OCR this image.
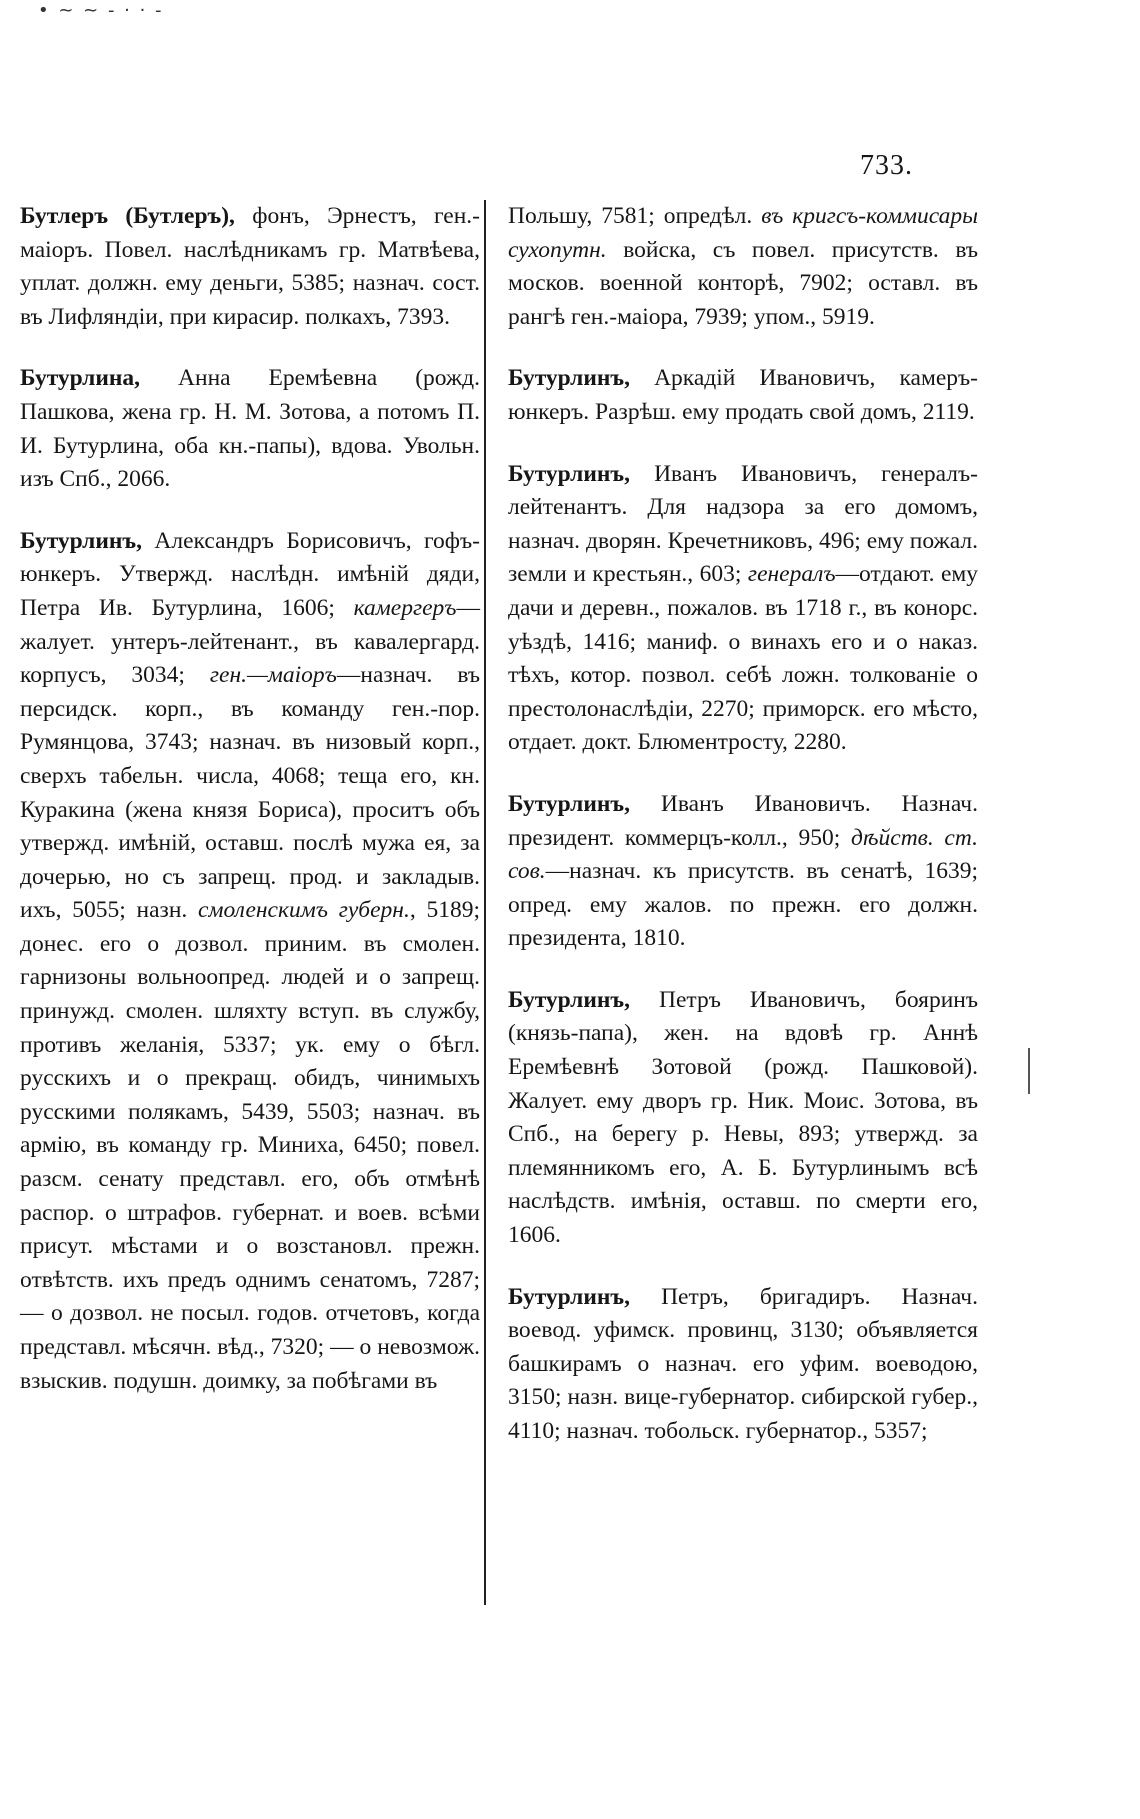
• ~ ~ - · · -
733.

Бутлеръ (Бутлеръ), фонъ, Эрнестъ, ген.-маіоръ. Повел. наслѣдникамъ гр. Матвѣева, уплат. должн. ему деньги, 5385; назнач. сост. въ Лифляндіи, при кирасир. полкахъ, 7393.

Бутурлина, Анна Еремѣевна (рожд. Пашкова, жена гр. Н. М. Зотова, а потомъ П. И. Бутурлина, оба кн.-папы), вдова. Увольн. изъ Спб., 2066.

Бутурлинъ, Александръ Борисовичъ, гофъ-юнкеръ. Утвержд. наслѣдн. имѣній дяди, Петра Ив. Бутурлина, 1606; камергеръ—жалует. унтеръ-лейтенант., въ кавалергард. корпусъ, 3034; ген.—маіоръ—назнач. въ персидск. корп., въ команду ген.-пор. Румянцова, 3743; назнач. въ низовый корп., сверхъ табельн. числа, 4068; теща его, кн. Куракина (жена князя Бориса), проситъ объ утвержд. имѣній, оставш. послѣ мужа ея, за дочерью, но съ запрещ. прод. и закладыв. ихъ, 5055; назн. смоленскимъ губерн., 5189; донес. его о дозвол. приним. въ смолен. гарнизоны вольноопред. людей и о запрещ. принужд. смолен. шляхту вступ. въ службу, противъ желанія, 5337; ук. ему о бѣгл. русскихъ и о прекращ. обидъ, чинимыхъ русскими полякамъ, 5439, 5503; назнач. въ армію, въ команду гр. Миниха, 6450; повел. разсм. сенату представл. его, объ отмѣнѣ распор. о штрафов. губернат. и воев. всѣми присут. мѣстами и о возстановл. прежн. отвѣтств. ихъ предъ однимъ сенатомъ, 7287; — о дозвол. не посыл. годов. отчетовъ, когда представл. мѣсячн. вѣд., 7320; — о невозмож. взыскив. подушн. доимку, за побѣгами въ

Польшу, 7581; опредѣл. въ кригсъ-коммисары сухопутн. войска, съ повел. присутств. въ москов. военной конторѣ, 7902; оставл. въ рангѣ ген.-маіора, 7939; упом., 5919.

Бутурлинъ, Аркадій Ивановичъ, камеръ-юнкеръ. Разрѣш. ему продать свой домъ, 2119.

Бутурлинъ, Иванъ Ивановичъ, генералъ-лейтенантъ. Для надзора за его домомъ, назнач. дворян. Кречетниковъ, 496; ему пожал. земли и крестьян., 603; генералъ—отдают. ему дачи и деревн., пожалов. въ 1718 г., въ конорс. уѣздѣ, 1416; маниф. о винахъ его и о наказ. тѣхъ, котор. позвол. себѣ ложн. толкованіе о престолонаслѣдіи, 2270; приморск. его мѣсто, отдает. докт. Блюментросту, 2280.

Бутурлинъ, Иванъ Ивановичъ. Назнач. президент. коммерцъ-колл., 950; дѣйств. ст. сов.—назнач. къ присутств. въ сенатѣ, 1639; опред. ему жалов. по прежн. его должн. президента, 1810.

Бутурлинъ, Петръ Ивановичъ, бояринъ (князь-папа), жен. на вдовѣ гр. Аннѣ Еремѣевнѣ Зотовой (рожд. Пашковой). Жалует. ему дворъ гр. Ник. Моис. Зотова, въ Спб., на берегу р. Невы, 893; утвержд. за племянникомъ его, А. Б. Бутурлинымъ всѣ наслѣдств. имѣнія, оставш. по смерти его, 1606.

Бутурлинъ, Петръ, бригадиръ. Назнач. воевод. уфимск. провинц, 3130; объявляется башкирамъ о назнач. его уфим. воеводою, 3150; назн. вице-губернатор. сибирской губер., 4110; назнач. тобольск. губернатор., 5357;
